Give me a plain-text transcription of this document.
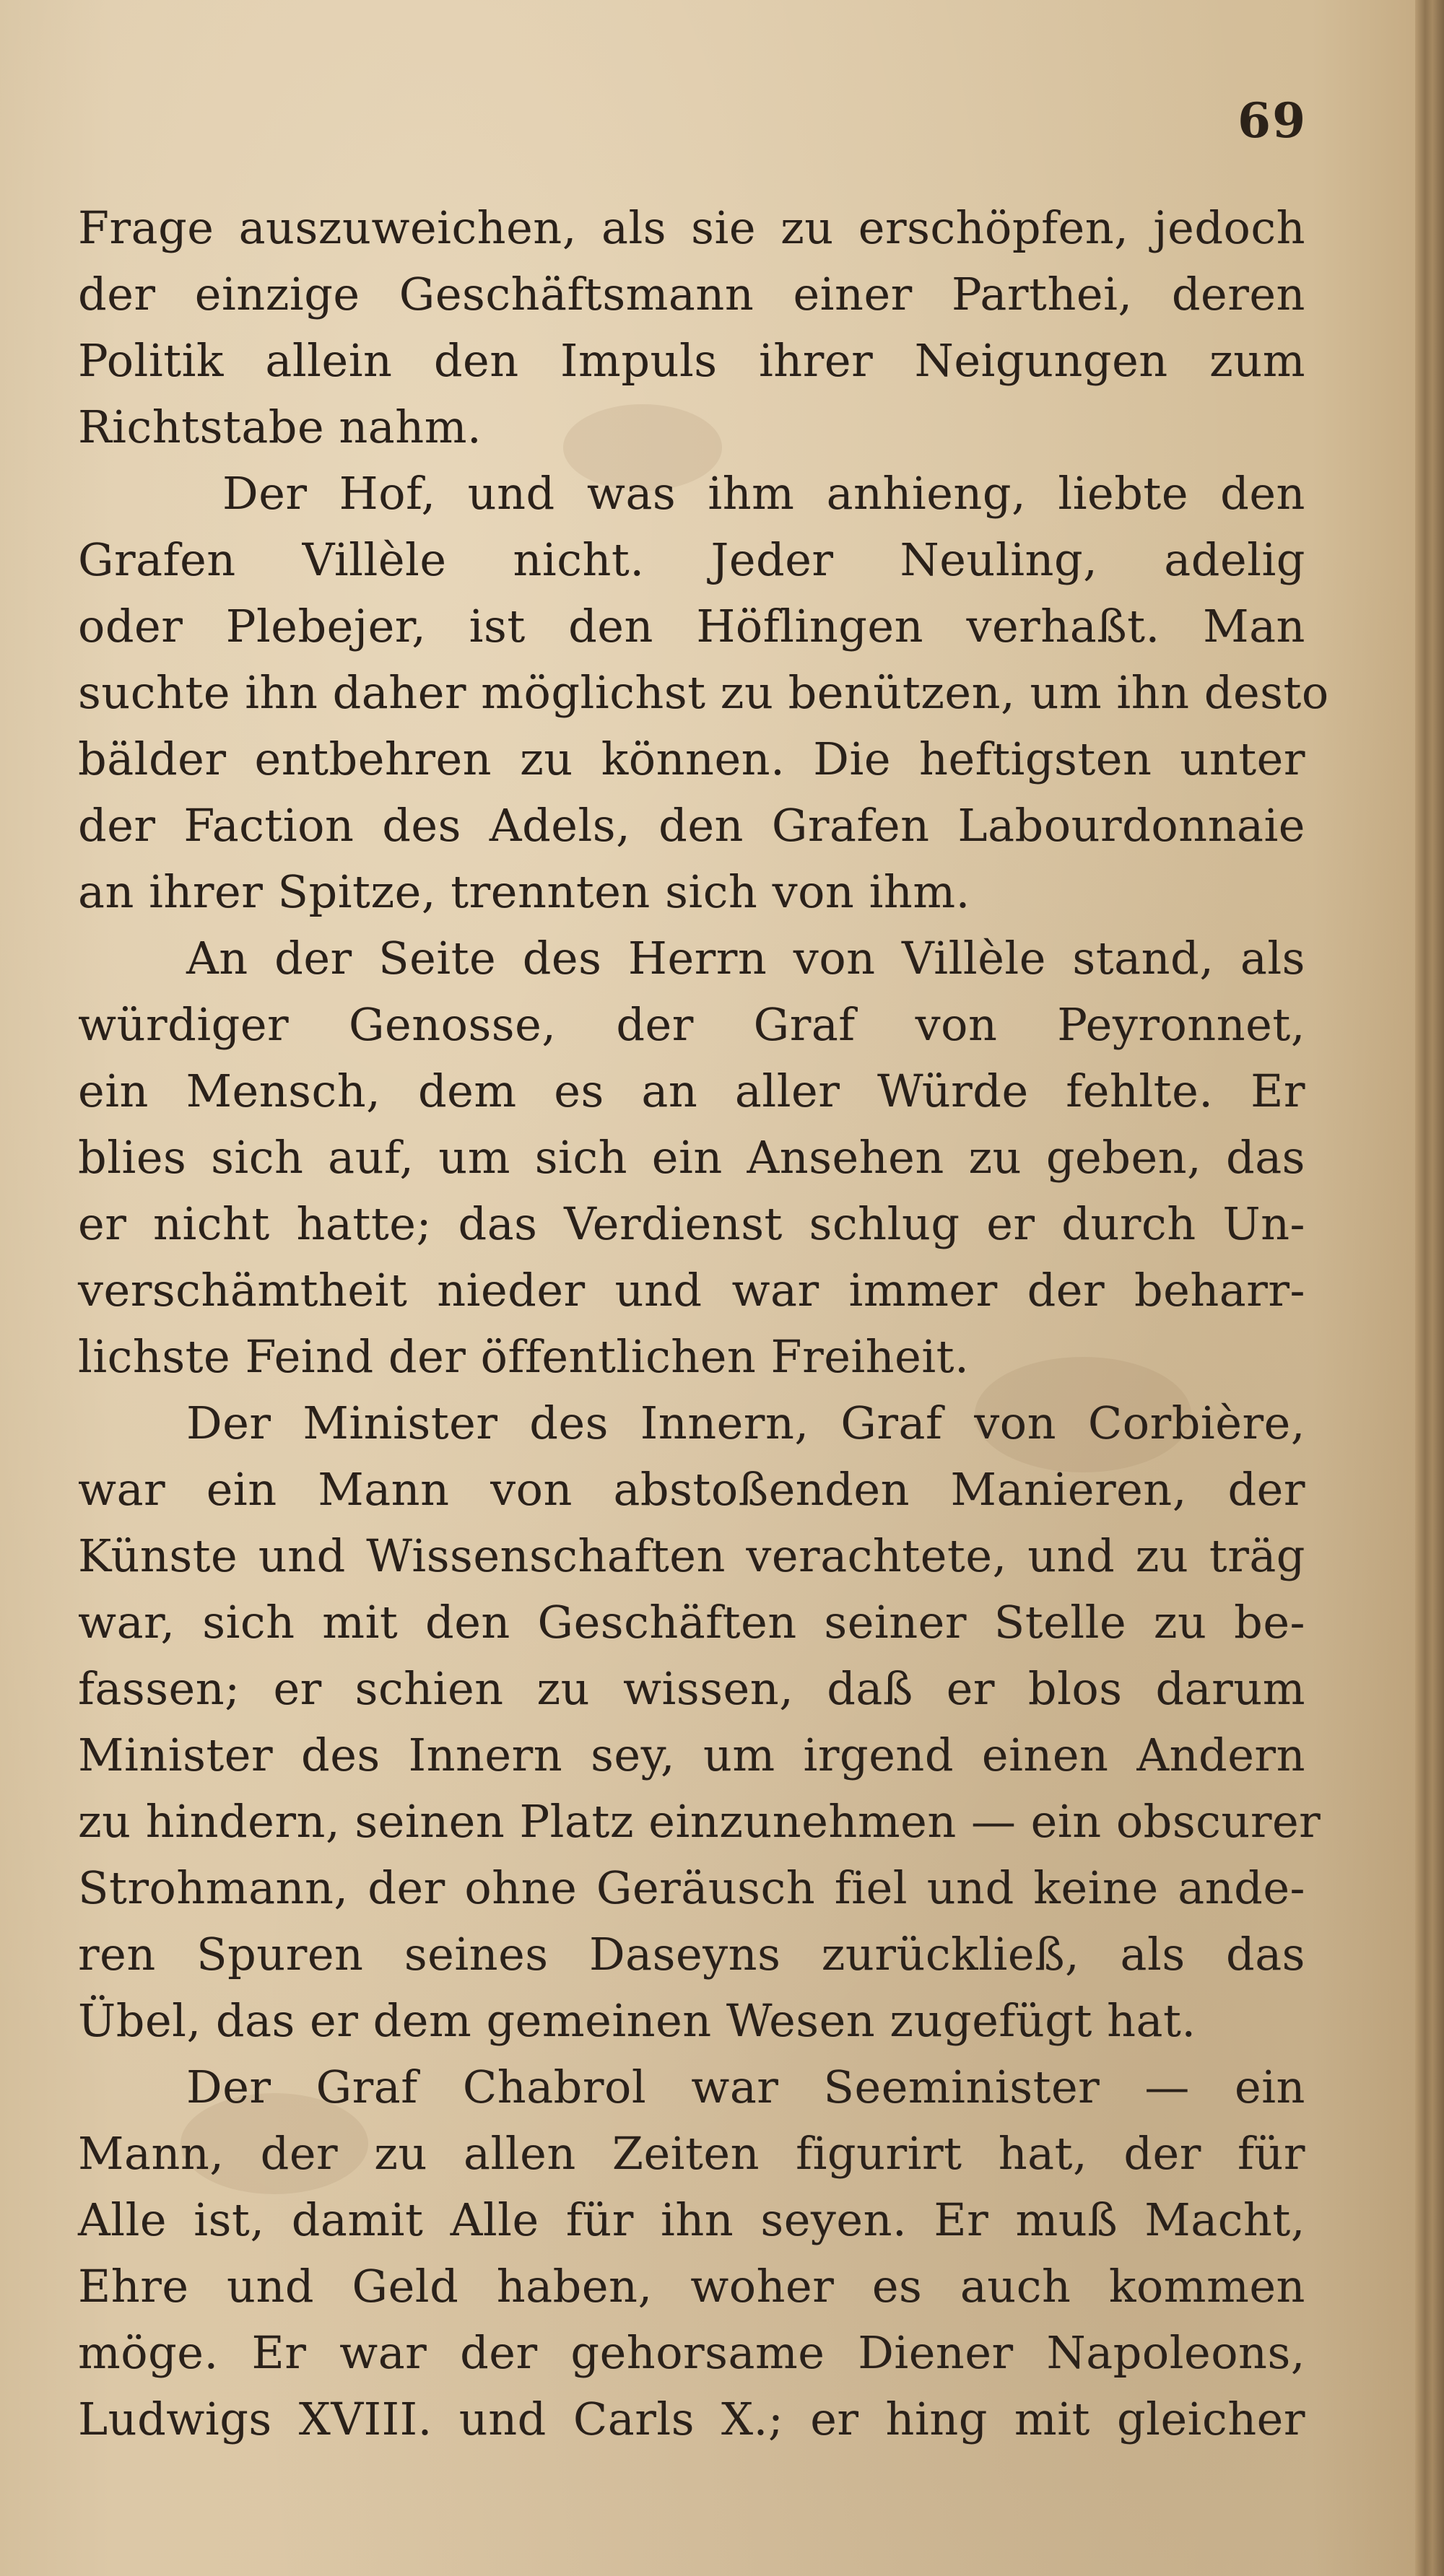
69
Frage auszuweichen, als sie zu erschöpfen, jedoch
der einzige Geschäftsmann einer Parthei, deren
Politik allein den Impuls ihrer Neigungen zum
Richtstabe nahm.
Der Hof, und was ihm anhieng, liebte den
Grafen Villèle nicht. Jeder Neuling, adelig
oder Plebejer, ist den Höflingen verhaßt. Man
suchte ihn daher möglichst zu benützen, um ihn desto
bälder entbehren zu können. Die heftigsten unter
der Faction des Adels, den Grafen Labourdonnaie
an ihrer Spitze, trennten sich von ihm.
An der Seite des Herrn von Villèle stand, als
würdiger Genosse, der Graf von Peyronnet,
ein Mensch, dem es an aller Würde fehlte. Er
blies sich auf, um sich ein Ansehen zu geben, das
er nicht hatte; das Verdienst schlug er durch Un-
verschämtheit nieder und war immer der beharr-
lichste Feind der öffentlichen Freiheit.
Der Minister des Innern, Graf von Corbière,
war ein Mann von abstoßenden Manieren, der
Künste und Wissenschaften verachtete, und zu träg
war, sich mit den Geschäften seiner Stelle zu be-
fassen; er schien zu wissen, daß er blos darum
Minister des Innern sey, um irgend einen Andern
zu hindern, seinen Platz einzunehmen — ein obscurer
Strohmann, der ohne Geräusch fiel und keine ande-
ren Spuren seines Daseyns zurückließ, als das
Übel, das er dem gemeinen Wesen zugefügt hat.
Der Graf Chabrol war Seeminister — ein
Mann, der zu allen Zeiten figurirt hat, der für
Alle ist, damit Alle für ihn seyen. Er muß Macht,
Ehre und Geld haben, woher es auch kommen
möge. Er war der gehorsame Diener Napoleons,
Ludwigs XVIII. und Carls X.; er hing mit gleicher
